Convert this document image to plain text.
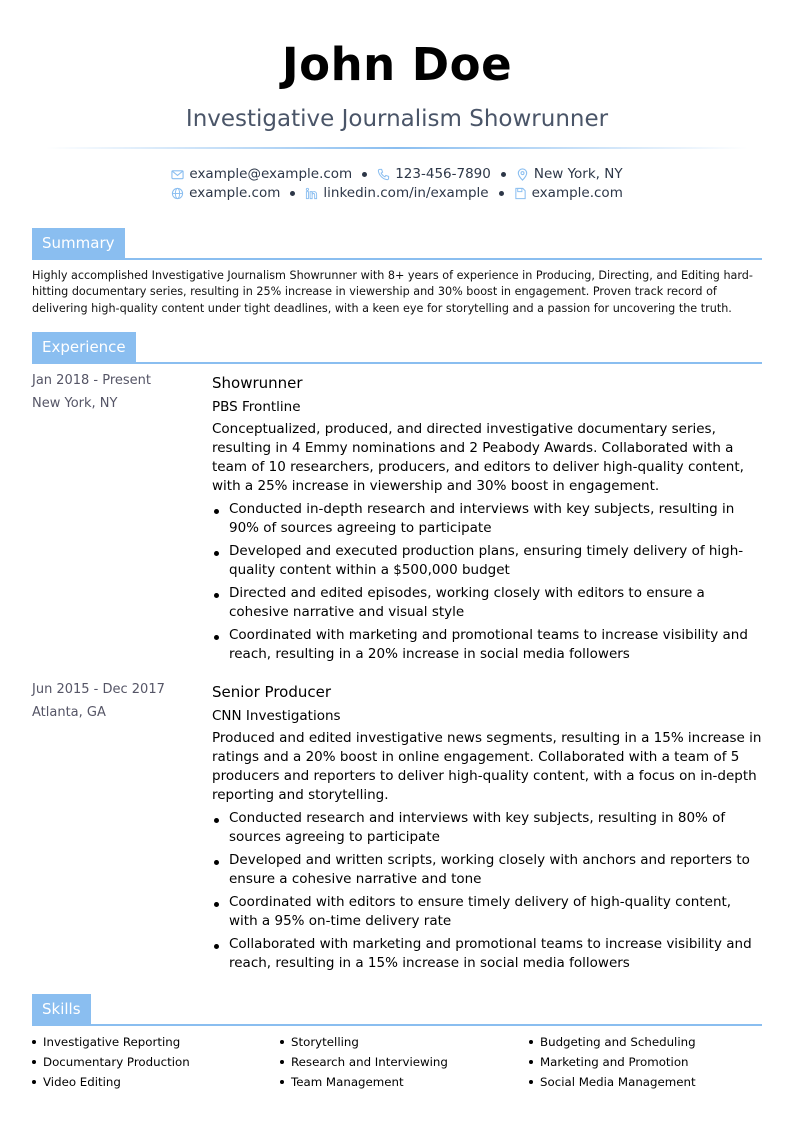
John Doe
Investigative Journalism Showrunner
example@example.com	123-456-7890	New York, NY
example.com	linkedin.com/in/example	example.com
Summary
Highly accomplished Investigative Journalism Showrunner with 8+ years of experience in Producing, Directing, and Editing hard-hitting documentary series, resulting in 25% increase in viewership and 30% boost in engagement. Proven track record of delivering high-quality content under tight deadlines, with a keen eye for storytelling and a passion for uncovering the truth.
Experience
Jan 2018 - Present
New York, NY
Showrunner
PBS Frontline
Conceptualized, produced, and directed investigative documentary series, resulting in 4 Emmy nominations and 2 Peabody Awards. Collaborated with a team of 10 researchers, producers, and editors to deliver high-quality content, with a 25% increase in viewership and 30% boost in engagement.
Conducted in-depth research and interviews with key subjects, resulting in 90% of sources agreeing to participate
Developed and executed production plans, ensuring timely delivery of high-quality content within a $500,000 budget
Directed and edited episodes, working closely with editors to ensure a cohesive narrative and visual style
Coordinated with marketing and promotional teams to increase visibility and reach, resulting in a 20% increase in social media followers
Jun 2015 - Dec 2017
Atlanta, GA
Senior Producer
CNN Investigations
Produced and edited investigative news segments, resulting in a 15% increase in ratings and a 20% boost in online engagement. Collaborated with a team of 5 producers and reporters to deliver high-quality content, with a focus on in-depth reporting and storytelling.
Conducted research and interviews with key subjects, resulting in 80% of sources agreeing to participate
Developed and written scripts, working closely with anchors and reporters to ensure a cohesive narrative and tone
Coordinated with editors to ensure timely delivery of high-quality content, with a 95% on-time delivery rate
Collaborated with marketing and promotional teams to increase visibility and reach, resulting in a 15% increase in social media followers
Skills
Investigative Reporting
Documentary Production
Video Editing
Storytelling
Research and Interviewing
Team Management
Budgeting and Scheduling
Marketing and Promotion
Social Media Management
